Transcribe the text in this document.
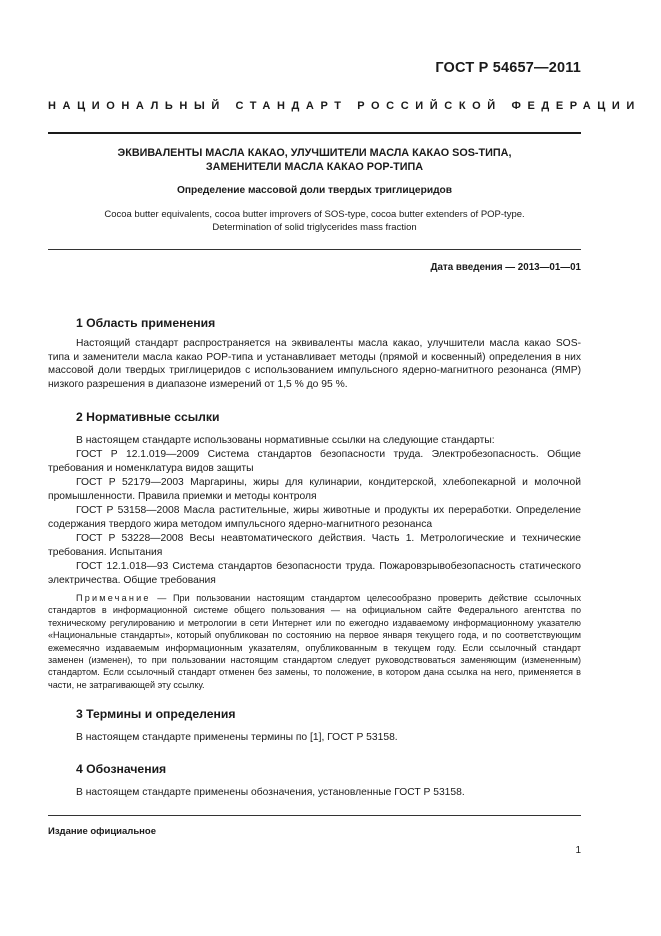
ГОСТ Р 54657—2011
НАЦИОНАЛЬНЫЙ СТАНДАРТ РОССИЙСКОЙ ФЕДЕРАЦИИ
ЭКВИВАЛЕНТЫ МАСЛА КАКАО, УЛУЧШИТЕЛИ МАСЛА КАКАО SOS-ТИПА,
ЗАМЕНИТЕЛИ МАСЛА КАКАО POP-ТИПА
Определение массовой доли твердых триглицеридов
Cocoa butter equivalents, cocoa butter improvers of SOS-type, cocoa butter extenders of POP-type.
Determination of solid triglycerides mass fraction
Дата введения — 2013—01—01
1 Область применения
Настоящий стандарт распространяется на эквиваленты масла какао, улучшители масла какао SOS-типа и заменители масла какао POP-типа и устанавливает методы (прямой и косвенный) определения в них массовой доли твердых триглицеридов с использованием импульсного ядерно-магнитного резонанса (ЯМР) низкого разрешения в диапазоне измерений от 1,5 % до 95 %.
2 Нормативные ссылки
В настоящем стандарте использованы нормативные ссылки на следующие стандарты:
ГОСТ Р 12.1.019—2009 Система стандартов безопасности труда. Электробезопасность. Общие требования и номенклатура видов защиты
ГОСТ Р 52179—2003 Маргарины, жиры для кулинарии, кондитерской, хлебопекарной и молочной промышленности. Правила приемки и методы контроля
ГОСТ Р 53158—2008 Масла растительные, жиры животные и продукты их переработки. Определение содержания твердого жира методом импульсного ядерно-магнитного резонанса
ГОСТ Р 53228—2008 Весы неавтоматического действия. Часть 1. Метрологические и технические требования. Испытания
ГОСТ 12.1.018—93 Система стандартов безопасности труда. Пожаровзрывобезопасность статического электричества. Общие требования
Примечание — При пользовании настоящим стандартом целесообразно проверить действие ссылочных стандартов в информационной системе общего пользования — на официальном сайте Федерального агентства по техническому регулированию и метрологии в сети Интернет или по ежегодно издаваемому информационному указателю «Национальные стандарты», который опубликован по состоянию на первое января текущего года, и по соответствующим ежемесячно издаваемым информационным указателям, опубликованным в текущем году. Если ссылочный стандарт заменен (изменен), то при пользовании настоящим стандартом следует руководствоваться заменяющим (измененным) стандартом. Если ссылочный стандарт отменен без замены, то положение, в котором дана ссылка на него, применяется в части, не затрагивающей эту ссылку.
3 Термины и определения
В настоящем стандарте применены термины по [1], ГОСТ Р 53158.
4 Обозначения
В настоящем стандарте применены обозначения, установленные ГОСТ Р 53158.
Издание официальное
1
